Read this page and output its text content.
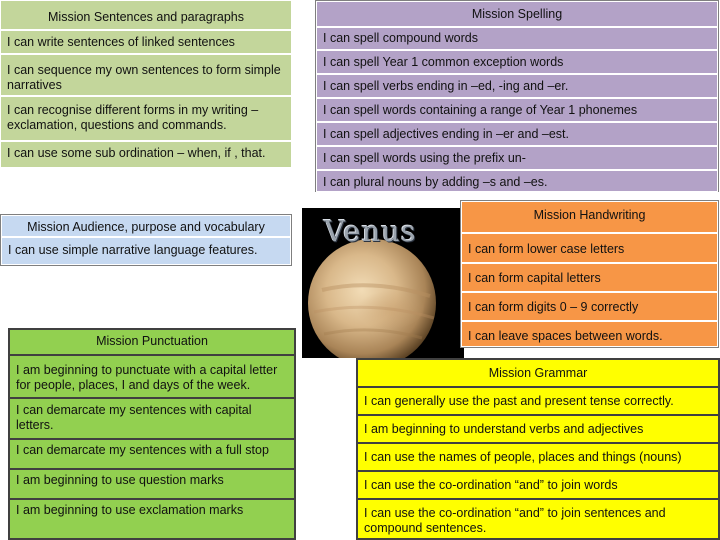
Mission Sentences and paragraphs
I can write sentences of linked sentences
I can sequence my own sentences to form simple narratives
I can recognise different forms in my writing – exclamation, questions and commands.
I can use some sub ordination – when, if , that.
Mission Spelling
I can spell compound words
I can spell Year 1 common exception words
I can spell verbs ending in –ed, -ing and –er.
I can spell words containing a range of Year 1 phonemes
I can spell adjectives ending in –er and –est.
I can spell words using the prefix un-
I can plural nouns by adding –s and –es.
Mission Audience, purpose and vocabulary
I can use simple narrative language features.
Venus	Mission Handwriting
I can form lower case letters
I can form capital letters
I can form digits 0 – 9 correctly
I can leave spaces between words.
Mission Punctuation
I am beginning to punctuate with a capital letter for people, places, I and days of the week.
I can demarcate my sentences with capital letters.
I can demarcate my sentences with a full stop
I am beginning to use question marks
I am beginning to use exclamation marks
Mission Grammar
I can generally use the past and present tense correctly.
I am beginning to understand verbs and adjectives
I can use the names of people, places and things (nouns)
I can use the co-ordination “and” to join words
I can use the co-ordination “and” to join sentences and compound sentences.
